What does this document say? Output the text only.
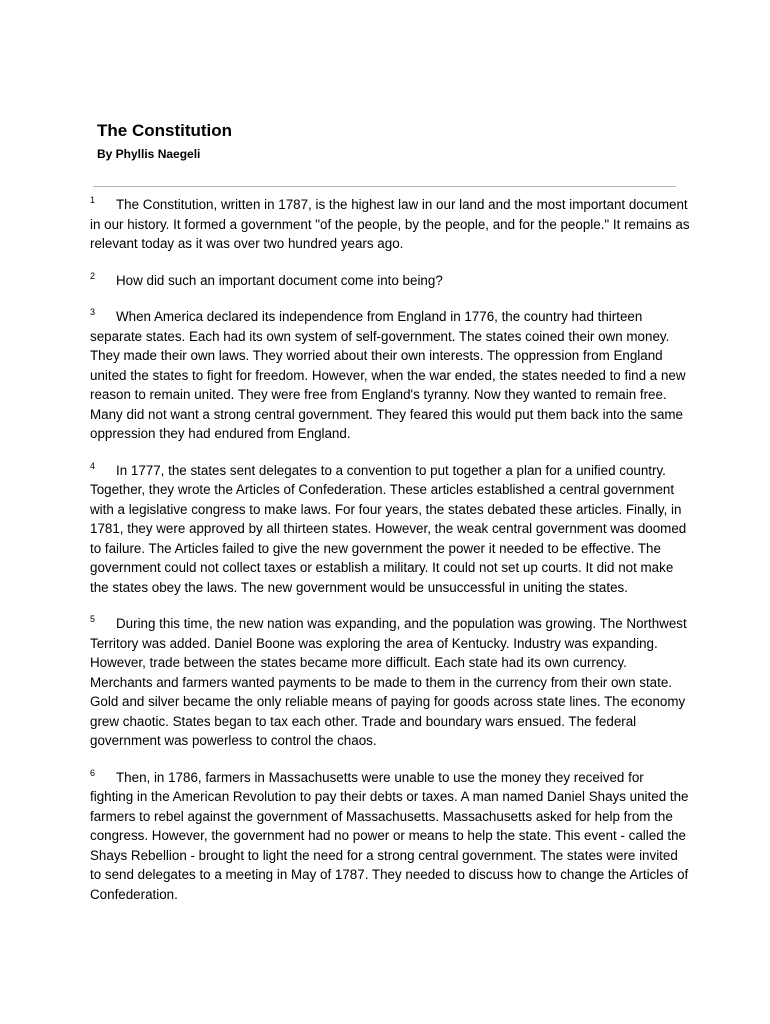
The Constitution
By Phyllis Naegeli

1 The Constitution, written in 1787, is the highest law in our land and the most important document in our history. It formed a government "of the people, by the people, and for the people." It remains as relevant today as it was over two hundred years ago.

2 How did such an important document come into being?

3 When America declared its independence from England in 1776, the country had thirteen separate states. Each had its own system of self-government. The states coined their own money. They made their own laws. They worried about their own interests. The oppression from England united the states to fight for freedom. However, when the war ended, the states needed to find a new reason to remain united. They were free from England's tyranny. Now they wanted to remain free. Many did not want a strong central government. They feared this would put them back into the same oppression they had endured from England.

4 In 1777, the states sent delegates to a convention to put together a plan for a unified country. Together, they wrote the Articles of Confederation. These articles established a central government with a legislative congress to make laws. For four years, the states debated these articles. Finally, in 1781, they were approved by all thirteen states. However, the weak central government was doomed to failure. The Articles failed to give the new government the power it needed to be effective. The government could not collect taxes or establish a military. It could not set up courts. It did not make the states obey the laws. The new government would be unsuccessful in uniting the states.

5 During this time, the new nation was expanding, and the population was growing. The Northwest Territory was added. Daniel Boone was exploring the area of Kentucky. Industry was expanding. However, trade between the states became more difficult. Each state had its own currency. Merchants and farmers wanted payments to be made to them in the currency from their own state. Gold and silver became the only reliable means of paying for goods across state lines. The economy grew chaotic. States began to tax each other. Trade and boundary wars ensued. The federal government was powerless to control the chaos.

6 Then, in 1786, farmers in Massachusetts were unable to use the money they received for fighting in the American Revolution to pay their debts or taxes. A man named Daniel Shays united the farmers to rebel against the government of Massachusetts. Massachusetts asked for help from the congress. However, the government had no power or means to help the state. This event - called the Shays Rebellion - brought to light the need for a strong central government. The states were invited to send delegates to a meeting in May of 1787. They needed to discuss how to change the Articles of Confederation.
